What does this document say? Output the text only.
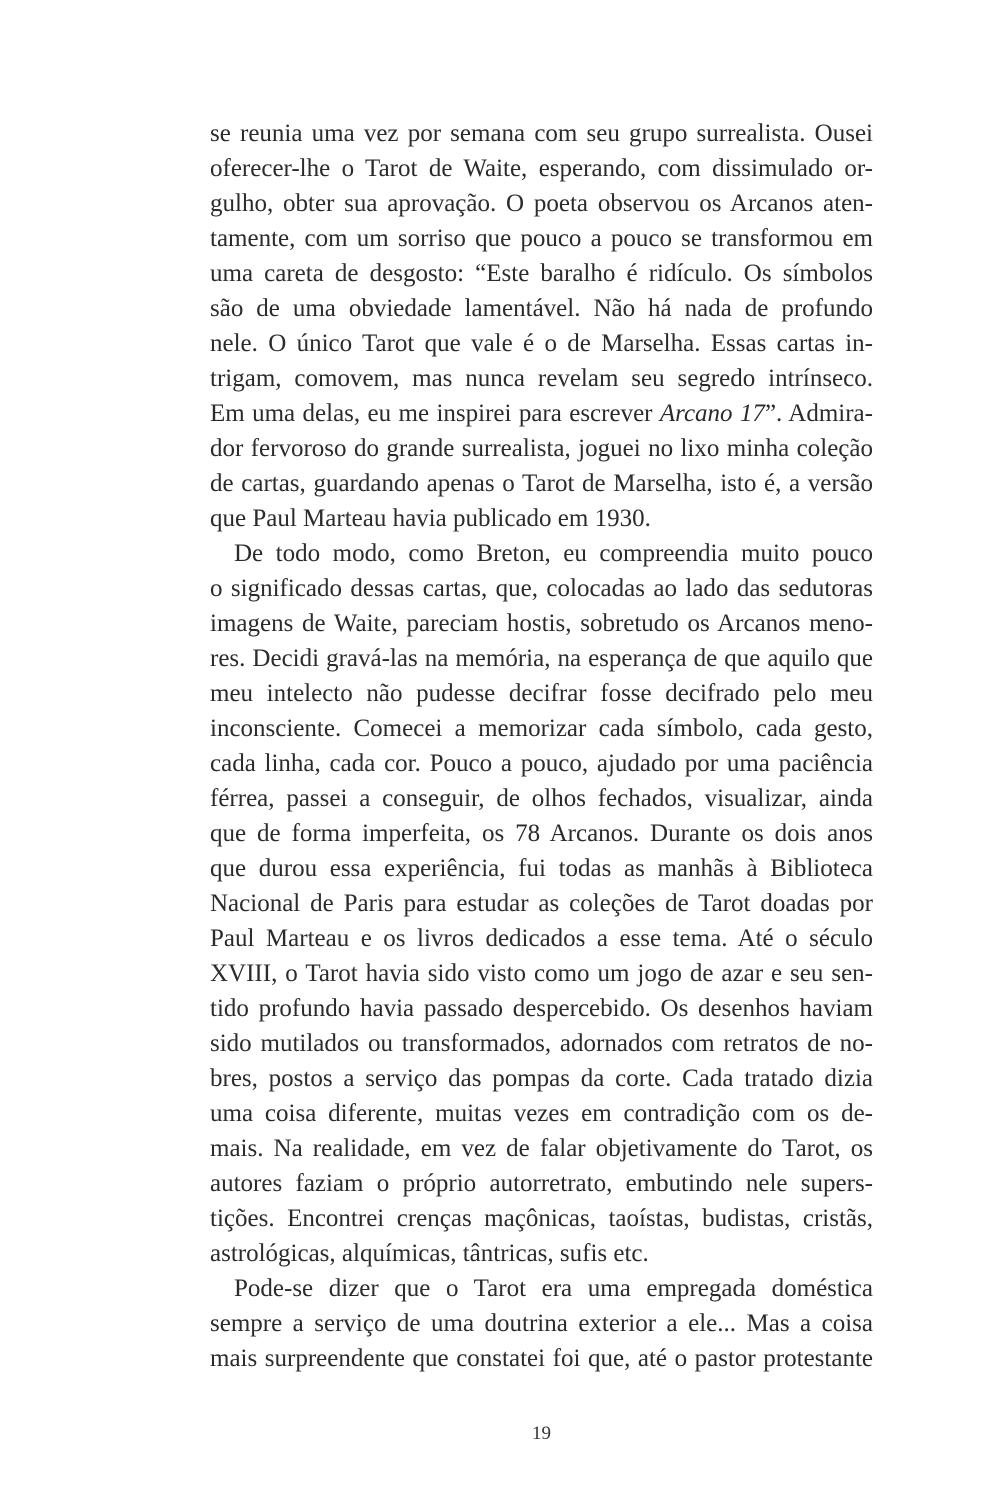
se reunia uma vez por semana com seu grupo surrealista. Ousei
oferecer-lhe o Tarot de Waite, esperando, com dissimulado or-
gulho, obter sua aprovação. O poeta observou os Arcanos aten-
tamente, com um sorriso que pouco a pouco se transformou em
uma careta de desgosto: “Este baralho é ridículo. Os símbolos
são de uma obviedade lamentável. Não há nada de profundo
nele. O único Tarot que vale é o de Marselha. Essas cartas in-
trigam, comovem, mas nunca revelam seu segredo intrínseco.
Em uma delas, eu me inspirei para escrever Arcano 17”. Admira-
dor fervoroso do grande surrealista, joguei no lixo minha coleção
de cartas, guardando apenas o Tarot de Marselha, isto é, a versão
que Paul Marteau havia publicado em 1930.
De todo modo, como Breton, eu compreendia muito pouco
o significado dessas cartas, que, colocadas ao lado das sedutoras
imagens de Waite, pareciam hostis, sobretudo os Arcanos meno-
res. Decidi gravá-las na memória, na esperança de que aquilo que
meu intelecto não pudesse decifrar fosse decifrado pelo meu
inconsciente. Comecei a memorizar cada símbolo, cada gesto,
cada linha, cada cor. Pouco a pouco, ajudado por uma paciência
férrea, passei a conseguir, de olhos fechados, visualizar, ainda
que de forma imperfeita, os 78 Arcanos. Durante os dois anos
que durou essa experiência, fui todas as manhãs à Biblioteca
Nacional de Paris para estudar as coleções de Tarot doadas por
Paul Marteau e os livros dedicados a esse tema. Até o século
XVIII, o Tarot havia sido visto como um jogo de azar e seu sen-
tido profundo havia passado despercebido. Os desenhos haviam
sido mutilados ou transformados, adornados com retratos de no-
bres, postos a serviço das pompas da corte. Cada tratado dizia
uma coisa diferente, muitas vezes em contradição com os de-
mais. Na realidade, em vez de falar objetivamente do Tarot, os
autores faziam o próprio autorretrato, embutindo nele supers-
tições. Encontrei crenças maçônicas, taoístas, budistas, cristãs,
astrológicas, alquímicas, tântricas, sufis etc.
Pode-se dizer que o Tarot era uma empregada doméstica
sempre a serviço de uma doutrina exterior a ele... Mas a coisa
mais surpreendente que constatei foi que, até o pastor protestante
19
